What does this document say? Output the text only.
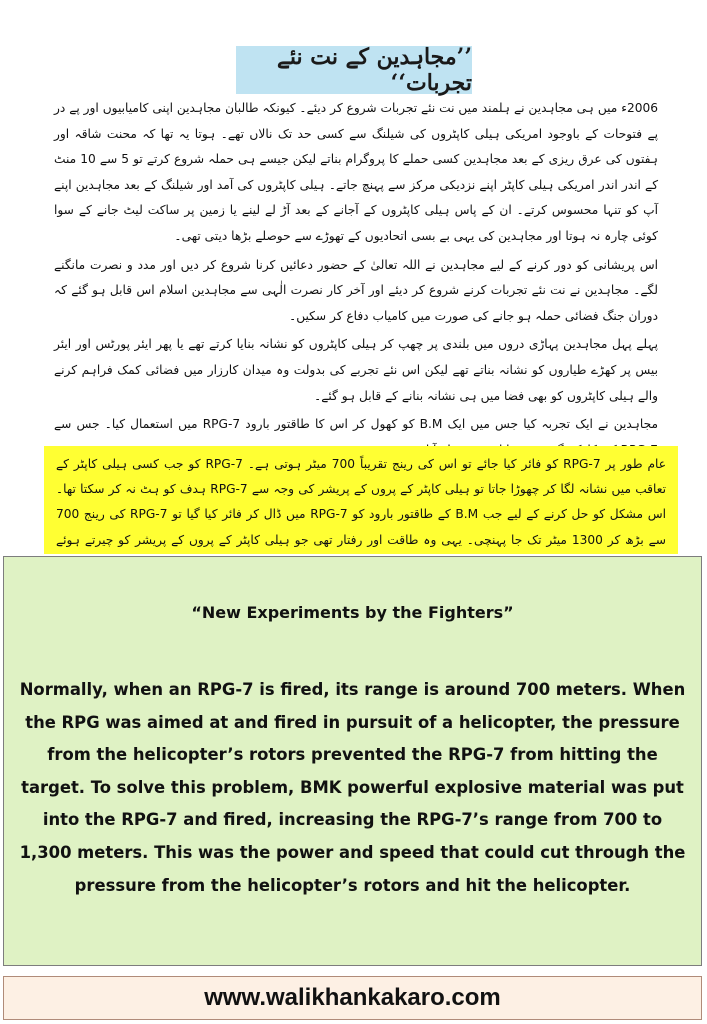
’’مجاہدین کے نت نئے تجربات‘‘

2006ء میں ہی مجاہدین نے ہلمند میں نت نئے تجربات شروع کر دیئے۔ کیونکہ طالبان مجاہدین اپنی کامیابیوں اور پے در پے فتوحات کے باوجود امریکی ہیلی کاپٹروں کی شیلنگ سے کسی حد تک نالاں تھے۔ ہوتا یہ تھا کہ محنت شاقہ اور ہفتوں کی عرق ریزی کے بعد مجاہدین کسی حملے کا پروگرام بناتے لیکن جیسے ہی حملہ شروع کرتے تو 5 سے 10 منٹ کے اندر اندر امریکی ہیلی کاپٹر اپنے نزدیکی مرکز سے پہنچ جاتے۔ ہیلی کاپٹروں کی آمد اور شیلنگ کے بعد مجاہدین اپنے آپ کو تنہا محسوس کرتے۔ ان کے پاس ہیلی کاپٹروں کے آجانے کے بعد آڑ لے لینے یا زمین پر ساکت لیٹ جانے کے سوا کوئی چارہ نہ ہوتا اور مجاہدین کی یہی بے بسی اتحادیوں کے تھوڑے سے حوصلے بڑھا دیتی تھی۔

اس پریشانی کو دور کرنے کے لیے مجاہدین نے اللہ تعالیٰ کے حضور دعائیں کرنا شروع کر دیں اور مدد و نصرت مانگنے لگے۔ مجاہدین نے نت نئے تجربات کرنے شروع کر دیئے اور آخر کار نصرت الٰہی سے مجاہدین اسلام اس قابل ہو گئے کہ دوران جنگ فضائی حملہ ہو جانے کی صورت میں کامیاب دفاع کر سکیں۔

پہلے پہل مجاہدین پہاڑی دروں میں بلندی پر چھپ کر ہیلی کاپٹروں کو نشانہ بنایا کرتے تھے یا پھر ایئر پورٹس اور ایئر بیس پر کھڑے طیاروں کو نشانہ بناتے تھے لیکن اس نئے تجربے کی بدولت وہ میدان کارزار میں فضائی کمک فراہم کرنے والے ہیلی کاپٹروں کو بھی فضا میں ہی نشانہ بنانے کے قابل ہو گئے۔

مجاہدین نے ایک تجربہ کیا جس میں ایک B.M کو کھول کر اس کا طاقتور بارود RPG-7 میں استعمال کیا۔ جس سے

عام طور پر RPG-7 کو فائر کیا جائے تو اس کی رینج تقریباً 700 میٹر ہوتی ہے۔ RPG-7 کو جب کسی ہیلی کاپٹر کے تعاقب میں نشانہ لگا کر چھوڑا جاتا تو ہیلی کاپٹر کے پروں کے پریشر کی وجہ سے RPG-7 ہدف کو ہٹ نہ کر سکتا تھا۔ اس مشکل کو حل کرنے کے لیے جب B.M کے طاقتور بارود کو RPG-7 میں ڈال کر فائر کیا گیا تو RPG-7 کی رینج 700 سے بڑھ کر 1300 میٹر تک جا پہنچی۔ یہی وہ طاقت اور رفتار تھی جو ہیلی کاپٹر کے پروں کے پریشر کو چیرتے ہوئے
“New Experiments by the Fighters”
Normally, when an RPG-7 is fired, its range is around 700 meters. When the RPG was aimed at and fired in pursuit of a helicopter, the pressure from the helicopter’s rotors prevented the RPG-7 from hitting the target. To solve this problem, BMK powerful explosive material was put into the RPG-7 and fired, increasing the RPG-7’s range from 700 to 1,300 meters. This was the power and speed that could cut through the pressure from the helicopter’s rotors and hit the helicopter.
www.walikhankakaro.com
